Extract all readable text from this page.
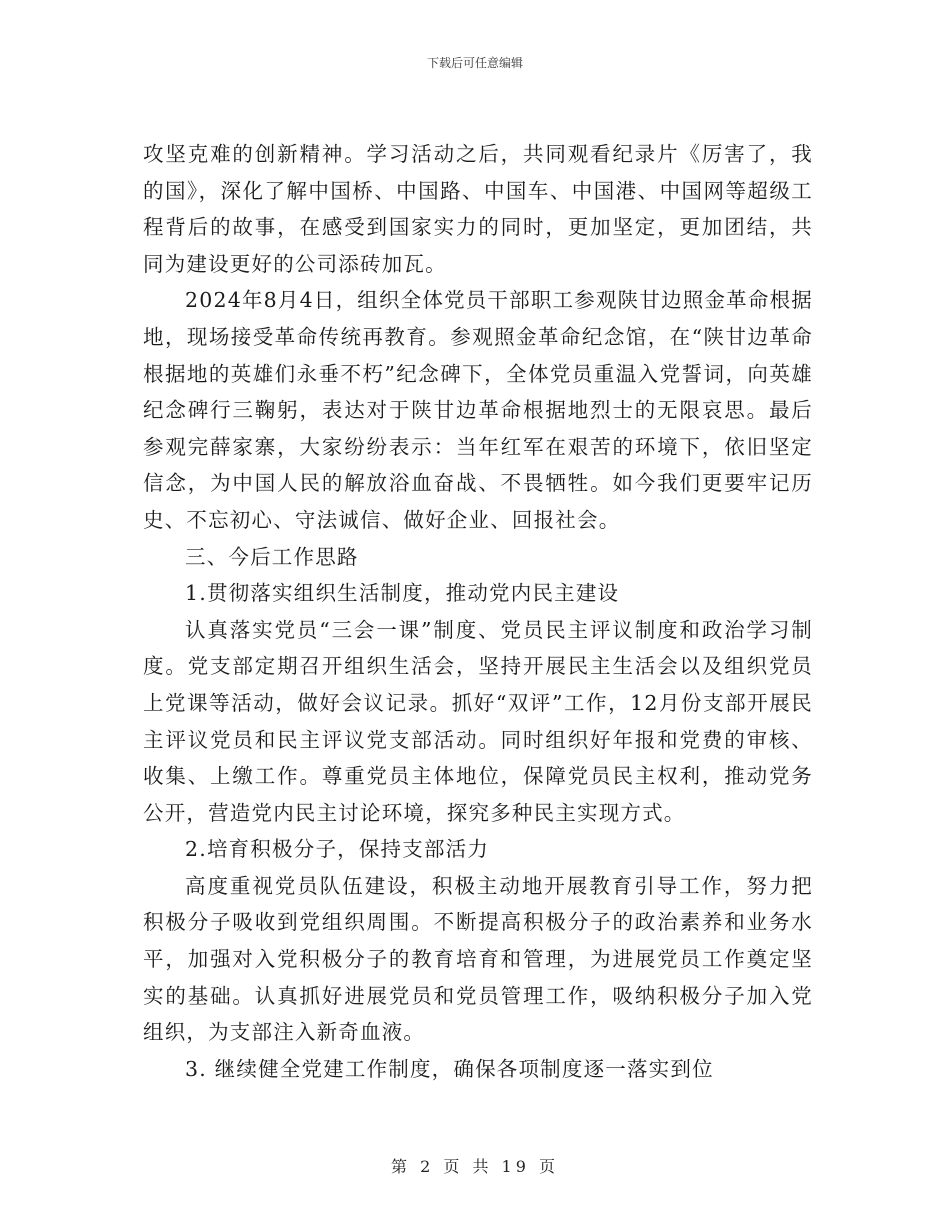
下载后可任意编辑

攻坚克难的创新精神。学习活动之后，共同观看纪录片《厉害了，我的国》，深化了解中国桥、中国路、中国车、中国港、中国网等超级工程背后的故事，在感受到国家实力的同时，更加坚定，更加团结，共同为建设更好的公司添砖加瓦。

2024年8月4日，组织全体党员干部职工参观陕甘边照金革命根据地，现场接受革命传统再教育。参观照金革命纪念馆，在“陕甘边革命根据地的英雄们永垂不朽”纪念碑下，全体党员重温入党誓词，向英雄纪念碑行三鞠躬，表达对于陕甘边革命根据地烈士的无限哀思。最后参观完薛家寨，大家纷纷表示：当年红军在艰苦的环境下，依旧坚定信念，为中国人民的解放浴血奋战、不畏牺牲。如今我们更要牢记历史、不忘初心、守法诚信、做好企业、回报社会。

三、今后工作思路

1.贯彻落实组织生活制度，推动党内民主建设

认真落实党员“三会一课”制度、党员民主评议制度和政治学习制度。党支部定期召开组织生活会，坚持开展民主生活会以及组织党员上党课等活动，做好会议记录。抓好“双评”工作，12月份支部开展民主评议党员和民主评议党支部活动。同时组织好年报和党费的审核、收集、上缴工作。尊重党员主体地位，保障党员民主权利，推动党务公开，营造党内民主讨论环境，探究多种民主实现方式。

2.培育积极分子，保持支部活力

高度重视党员队伍建设，积极主动地开展教育引导工作，努力把积极分子吸收到党组织周围。不断提高积极分子的政治素养和业务水平，加强对入党积极分子的教育培育和管理，为进展党员工作奠定坚实的基础。认真抓好进展党员和党员管理工作，吸纳积极分子加入党组织，为支部注入新奇血液。

3. 继续健全党建工作制度，确保各项制度逐一落实到位

第 2 页 共 19 页
